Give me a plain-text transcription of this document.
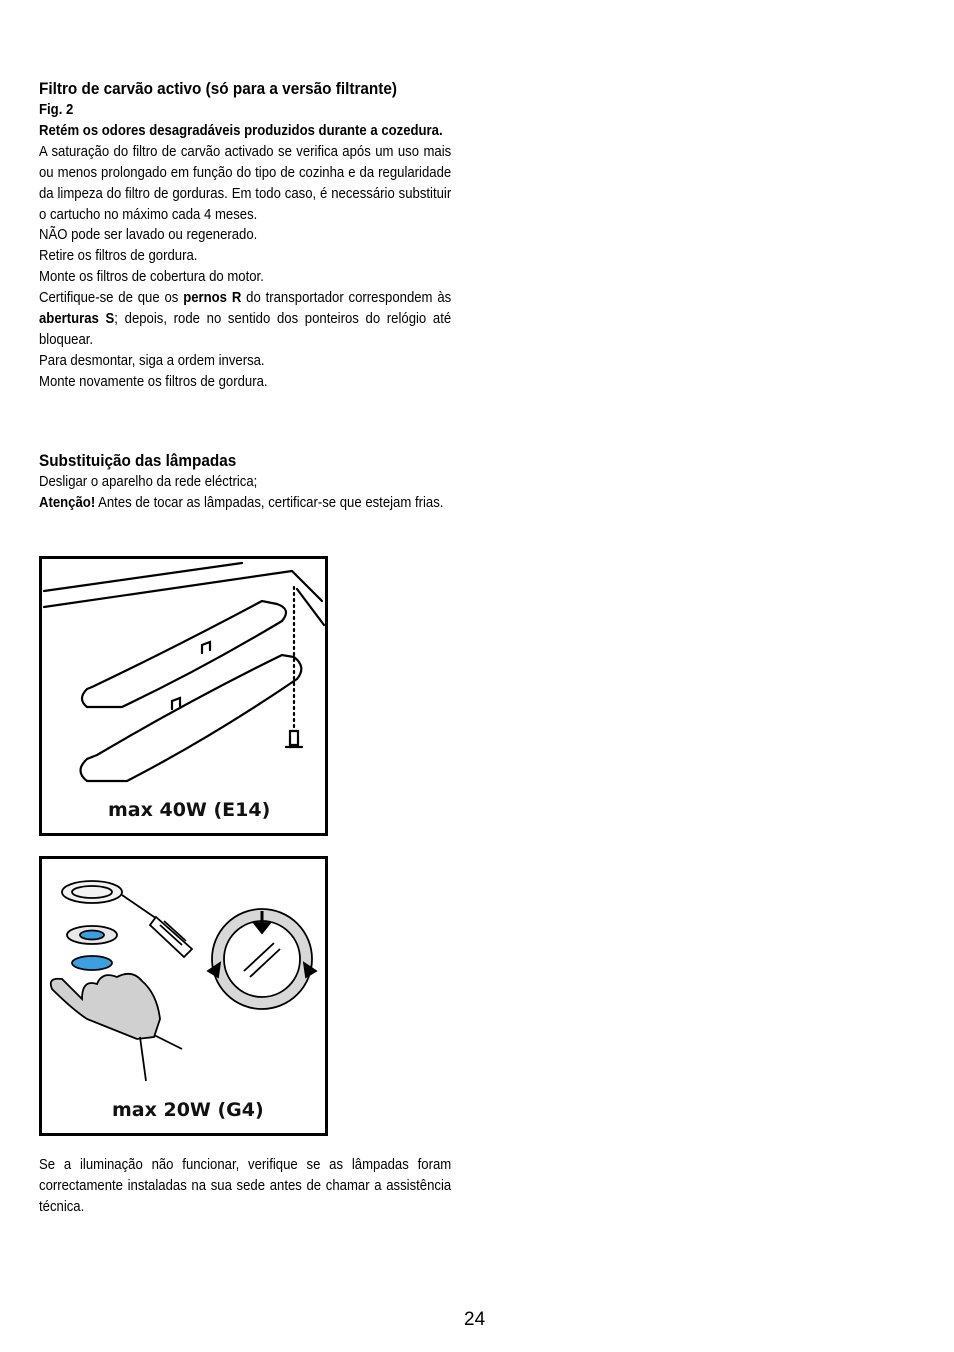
Filtro de carvão activo (só para a versão filtrante)

Fig. 2

Retém os odores desagradáveis produzidos durante a cozedura.

A saturação do filtro de carvão activado se verifica após um uso mais ou menos prolongado em função do tipo de cozinha e da regularidade da limpeza do filtro de gorduras. Em todo caso, é necessário substituir o cartucho no máximo cada 4 meses.

NÃO pode ser lavado ou regenerado.

Retire os filtros de gordura.

Monte os filtros de cobertura do motor.

Certifique-se de que os pernos R do transportador correspondem às aberturas S; depois, rode no sentido dos ponteiros do relógio até bloquear.

Para desmontar, siga a ordem inversa.

Monte novamente os filtros de gordura.

Substituição das lâmpadas

Desligar o aparelho da rede eléctrica;

Atenção! Antes de tocar as lâmpadas, certificar-se que estejam frias.

max 40W (E14)
max 20W (G4)
Se a iluminação não funcionar, verifique se as lâmpadas foram correctamente instaladas na sua sede antes de chamar a assistência técnica.
24
